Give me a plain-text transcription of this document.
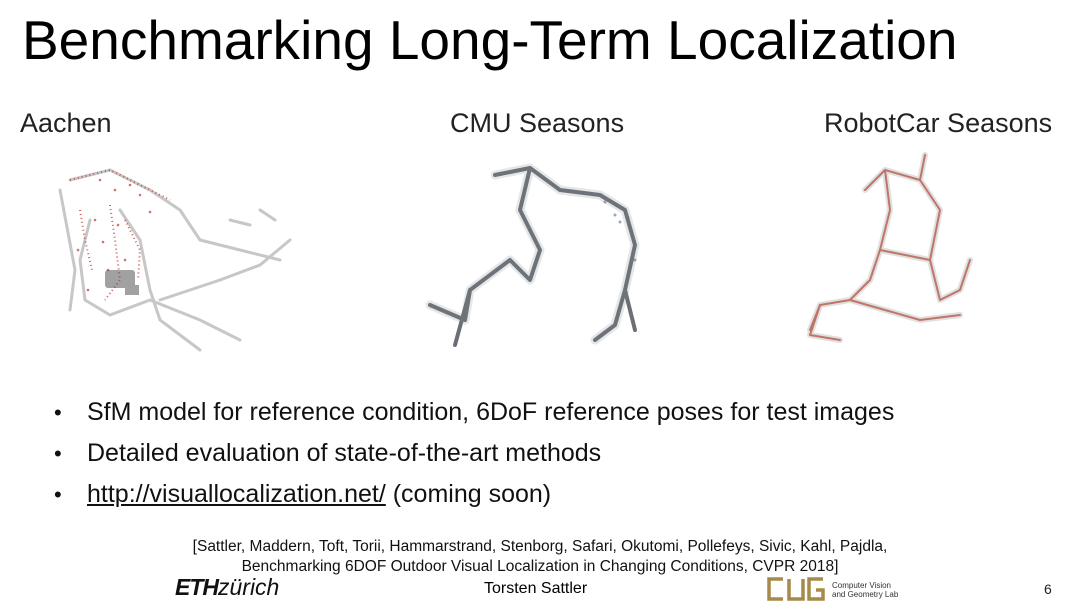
Benchmarking Long-Term Localization
Aachen	CMU Seasons	RobotCar Seasons
• SfM model for reference condition, 6DoF reference poses for test images
• Detailed evaluation of state-of-the-art methods
• http://visuallocalization.net/ (coming soon)
[Sattler, Maddern, Toft, Torii, Hammarstrand, Stenborg, Safari, Okutomi, Pollefeys, Sivic, Kahl, Pajdla,
Benchmarking 6DOF Outdoor Visual Localization in Changing Conditions, CVPR 2018]
ETHzürich	Torsten Sattler	Computer Vision
and Geometry Lab	6
